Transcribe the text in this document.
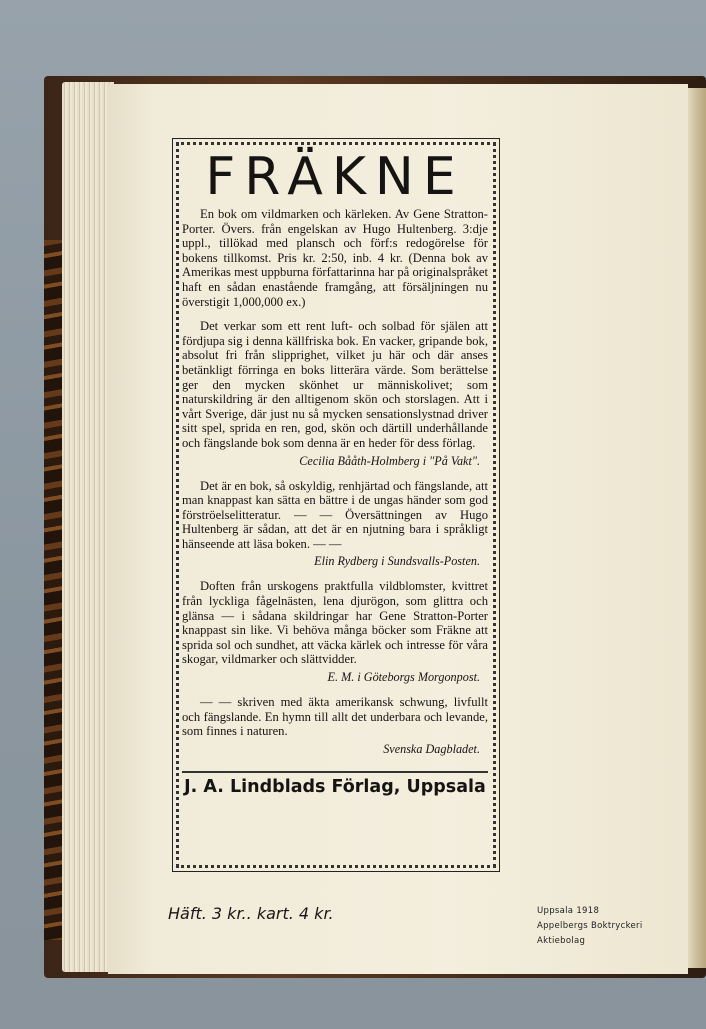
FRÄKNE

En bok om vildmarken och kärleken. Av Gene Stratton-Porter. Övers. från engelskan av Hugo Hultenberg. 3:dje uppl., tillökad med plansch och förf:s redogörelse för bokens tillkomst. Pris kr. 2:50, inb. 4 kr. (Denna bok av Amerikas mest uppburna författarinna har på originalspråket haft en sådan enastående framgång, att försäljningen nu överstigit 1,000,000 ex.)

Det verkar som ett rent luft- och solbad för själen att fördjupa sig i denna källfriska bok. En vacker, gripande bok, absolut fri från slipprighet, vilket ju här och där anses betänkligt förringa en boks litterära värde. Som berättelse ger den mycken skönhet ur människolivet; som naturskildring är den alltigenom skön och storslagen. Att i vårt Sverige, där just nu så mycken sensationslystnad driver sitt spel, sprida en ren, god, skön och därtill underhållande och fängslande bok som denna är en heder för dess förlag.

Cecilia Bååth-Holmberg i "På Vakt".

Det är en bok, så oskyldig, renhjärtad och fängslande, att man knappast kan sätta en bättre i de ungas händer som god förströelselitteratur. — — Översättningen av Hugo Hultenberg är sådan, att det är en njutning bara i språkligt hänseende att läsa boken. — —

Elin Rydberg i Sundsvalls-Posten.

Doften från urskogens praktfulla vildblomster, kvittret från lyckliga fågelnästen, lena djurögon, som glittra och glänsa — i sådana skildringar har Gene Stratton-Porter knappast sin like. Vi behöva många böcker som Fräkne att sprida sol och sundhet, att väcka kärlek och intresse för våra skogar, vildmarker och slättvidder.

E. M. i Göteborgs Morgonpost.

— — skriven med äkta amerikansk schwung, livfullt och fängslande. En hymn till allt det underbara och levande, som finnes i naturen.

Svenska Dagbladet.

J. A. Lindblads Förlag, Uppsala
Häft. 3 kr.. kart. 4 kr.	Uppsala 1918
Appelbergs Boktryckeri
Aktiebolag
